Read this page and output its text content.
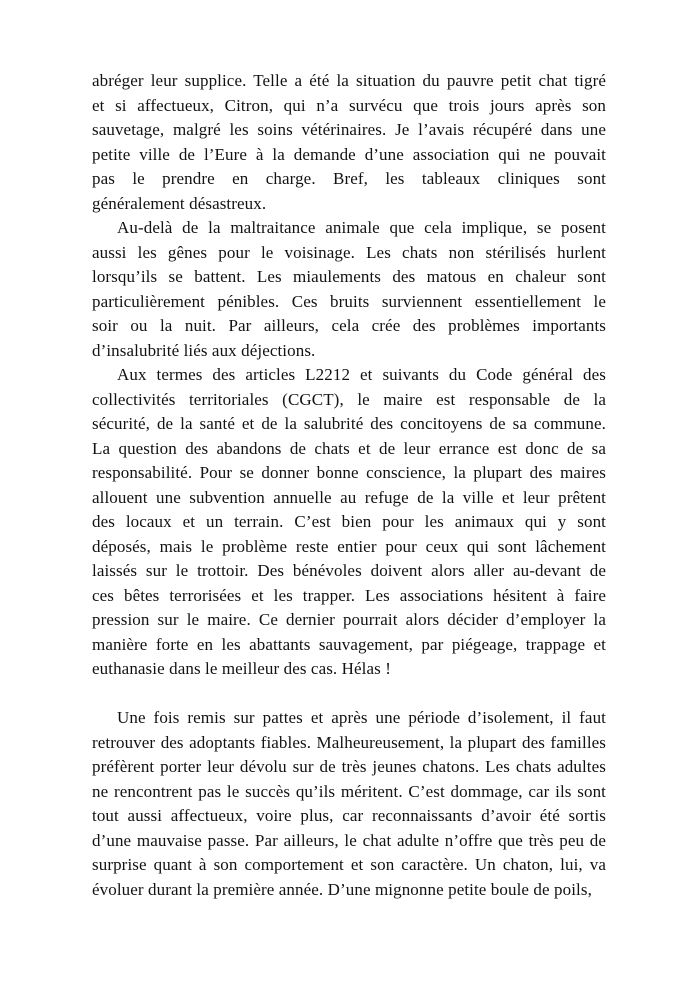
abréger leur supplice. Telle a été la situation du pauvre petit chat tigré
et si affectueux, Citron, qui n’a survécu que trois jours après son
sauvetage, malgré les soins vétérinaires. Je l’avais récupéré dans une
petite ville de l’Eure à la demande d’une association qui ne pouvait
pas le prendre en charge. Bref, les tableaux cliniques sont
généralement désastreux.
Au-delà de la maltraitance animale que cela implique, se posent
aussi les gênes pour le voisinage. Les chats non stérilisés hurlent
lorsqu’ils se battent. Les miaulements des matous en chaleur sont
particulièrement pénibles. Ces bruits surviennent essentiellement le
soir ou la nuit. Par ailleurs, cela crée des problèmes importants
d’insalubrité liés aux déjections.
Aux termes des articles L2212 et suivants du Code général des
collectivités territoriales (CGCT), le maire est responsable de la
sécurité, de la santé et de la salubrité des concitoyens de sa commune.
La question des abandons de chats et de leur errance est donc de sa
responsabilité. Pour se donner bonne conscience, la plupart des maires
allouent une subvention annuelle au refuge de la ville et leur prêtent
des locaux et un terrain. C’est bien pour les animaux qui y sont
déposés, mais le problème reste entier pour ceux qui sont lâchement
laissés sur le trottoir. Des bénévoles doivent alors aller au-devant de
ces bêtes terrorisées et les trapper. Les associations hésitent à faire
pression sur le maire. Ce dernier pourrait alors décider d’employer la
manière forte en les abattants sauvagement, par piégeage, trappage et
euthanasie dans le meilleur des cas. Hélas !
Une fois remis sur pattes et après une période d’isolement, il faut
retrouver des adoptants fiables. Malheureusement, la plupart des familles
préfèrent porter leur dévolu sur de très jeunes chatons. Les chats adultes
ne rencontrent pas le succès qu’ils méritent. C’est dommage, car ils sont
tout aussi affectueux, voire plus, car reconnaissants d’avoir été sortis
d’une mauvaise passe. Par ailleurs, le chat adulte n’offre que très peu de
surprise quant à son comportement et son caractère. Un chaton, lui, va
évoluer durant la première année. D’une mignonne petite boule de poils,
